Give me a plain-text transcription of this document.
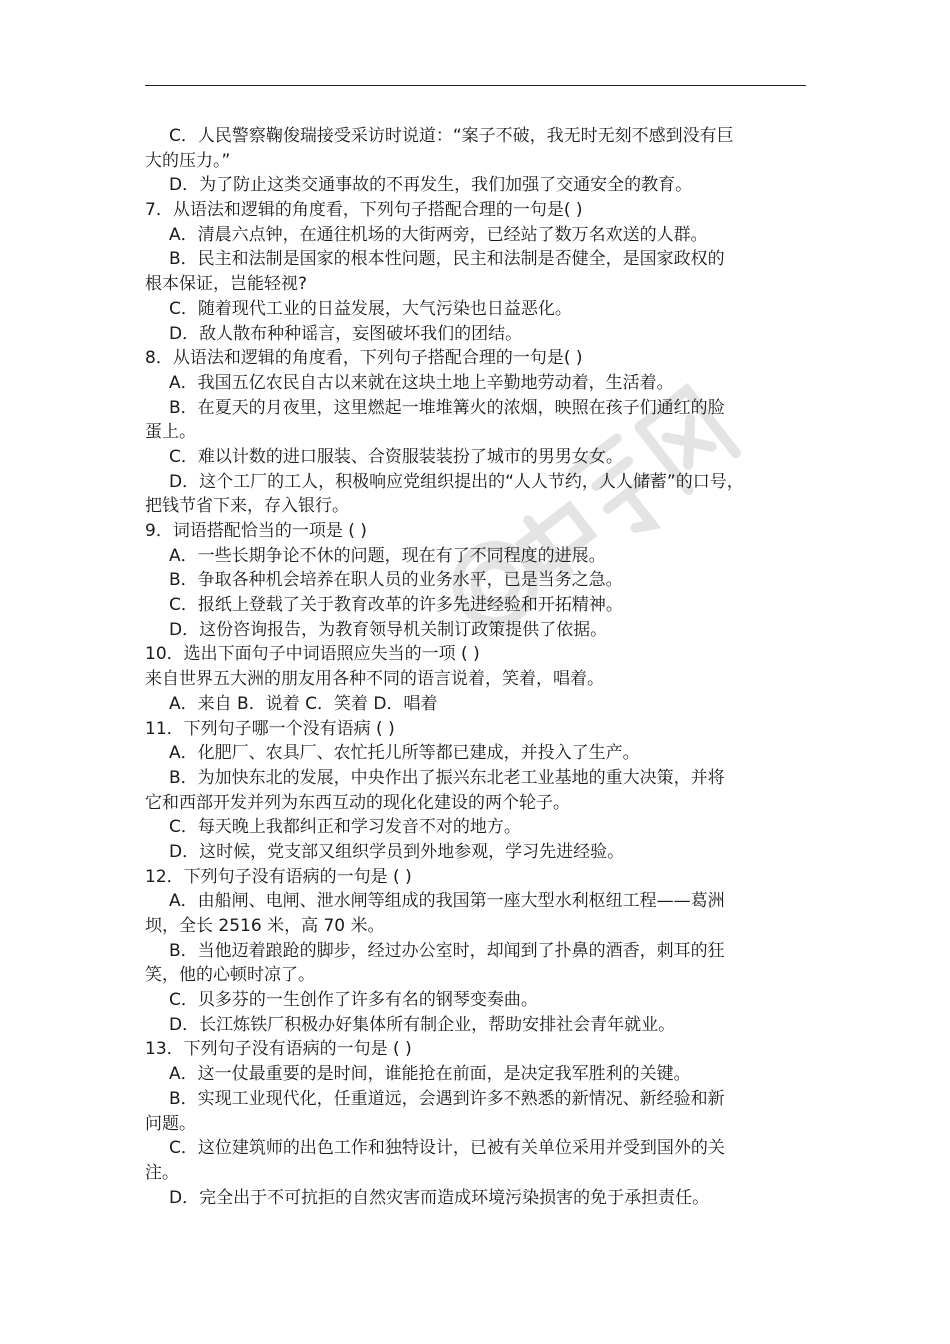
C．人民警察鞠俊瑞接受采访时说道：“案子不破，我无时无刻不感到没有巨
大的压力。”
D．为了防止这类交通事故的不再发生，我们加强了交通安全的教育。
7．从语法和逻辑的角度看，下列句子搭配合理的一句是( )
A．清晨六点钟，在通往机场的大街两旁，已经站了数万名欢送的人群。
B．民主和法制是国家的根本性问题，民主和法制是否健全，是国家政权的
根本保证，岂能轻视?
C．随着现代工业的日益发展，大气污染也日益恶化。
D．敌人散布种种谣言，妄图破坏我们的团结。
8．从语法和逻辑的角度看，下列句子搭配合理的一句是( )
A．我国五亿农民自古以来就在这块土地上辛勤地劳动着，生活着。
B．在夏天的月夜里，这里燃起一堆堆篝火的浓烟，映照在孩子们通红的脸
蛋上。
C．难以计数的进口服装、合资服装装扮了城市的男男女女。
D．这个工厂的工人，积极响应党组织提出的“人人节约，人人储蓄”的口号，
把钱节省下来，存入银行。
9．词语搭配恰当的一项是 ( )
A．一些长期争论不休的问题，现在有了不同程度的进展。
B．争取各种机会培养在职人员的业务水平，已是当务之急。
C．报纸上登载了关于教育改革的许多先进经验和开拓精神。
D．这份咨询报告，为教育领导机关制订政策提供了依据。
10．选出下面句子中词语照应失当的一项 ( )
来自世界五大洲的朋友用各种不同的语言说着，笑着，唱着。
A．来自 B．说着 C．笑着 D．唱着
11．下列句子哪一个没有语病 ( )
A．化肥厂、农具厂、农忙托儿所等都已建成，并投入了生产。
B．为加快东北的发展，中央作出了振兴东北老工业基地的重大决策，并将
它和西部开发并列为东西互动的现化化建设的两个轮子。
C．每天晚上我都纠正和学习发音不对的地方。
D．这时候，党支部又组织学员到外地参观，学习先进经验。
12．下列句子没有语病的一句是 ( )
A．由船闸、电闸、泄水闸等组成的我国第一座大型水利枢纽工程——葛洲
坝，全长 2516 米，高 70 米。
B．当他迈着踉跄的脚步，经过办公室时，却闻到了扑鼻的酒香，刺耳的狂
笑，他的心顿时凉了。
C．贝多芬的一生创作了许多有名的钢琴变奏曲。
D．长江炼铁厂积极办好集体所有制企业，帮助安排社会青年就业。
13．下列句子没有语病的一句是 ( )
A．这一仗最重要的是时间，谁能抢在前面，是决定我军胜利的关键。
B．实现工业现代化，任重道远，会遇到许多不熟悉的新情况、新经验和新
问题。
C．这位建筑师的出色工作和独特设计，已被有关单位采用并受到国外的关
注。
D．完全出于不可抗拒的自然灾害而造成环境污染损害的免于承担责任。
